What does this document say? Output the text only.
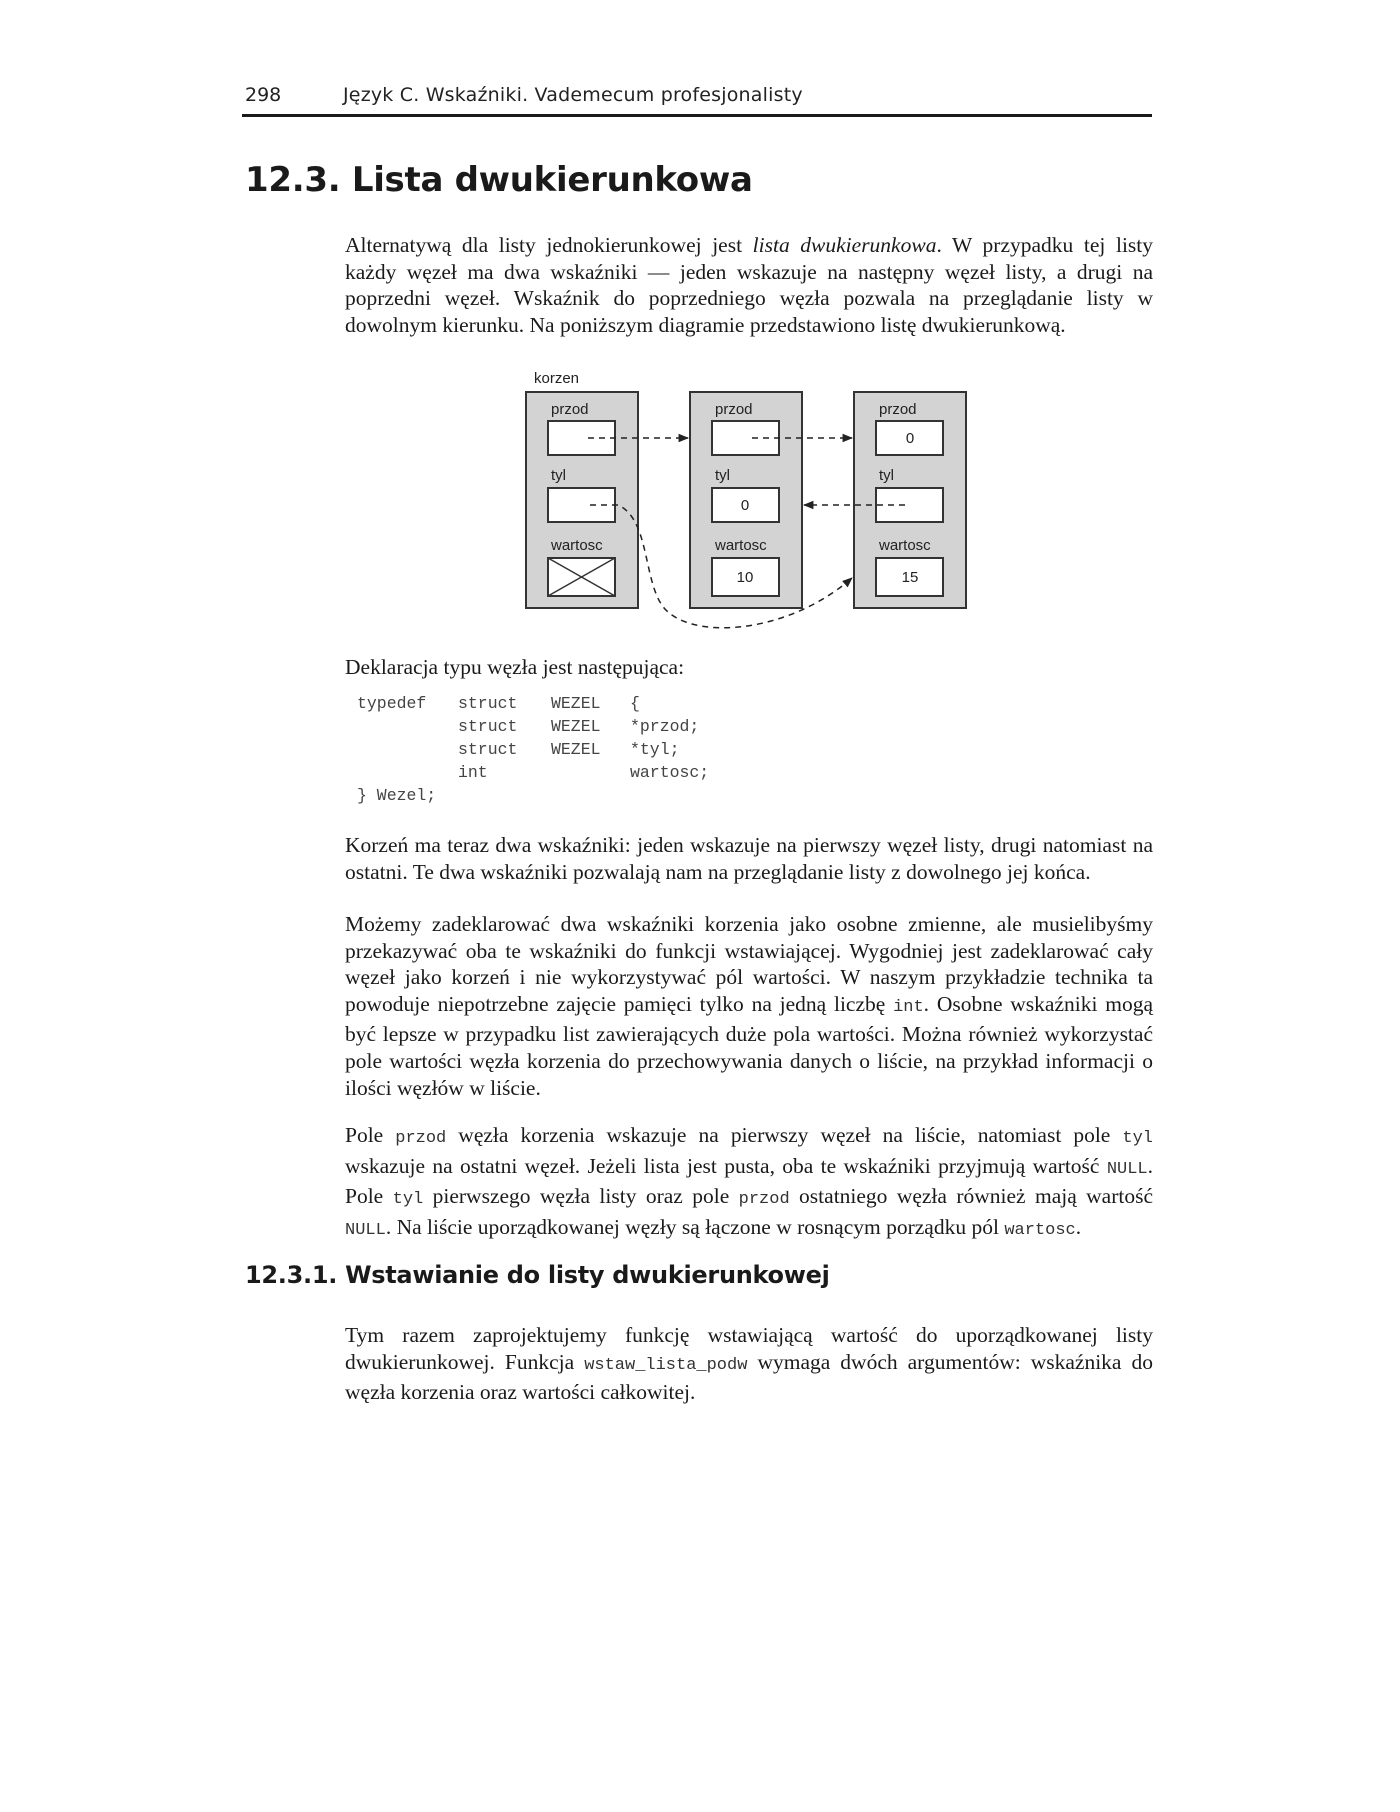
298	Język C. Wskaźniki. Vademecum profesjonalisty
12.3. Lista dwukierunkowa

Alternatywą dla listy jednokierunkowej jest lista dwukierunkowa. W przypadku tej listy każdy węzeł ma dwa wskaźniki — jeden wskazuje na następny węzeł listy, a drugi na poprzedni węzeł. Wskaźnik do poprzedniego węzła pozwala na przeglądanie listy w dowolnym kierunku. Na poniższym diagramie przedstawiono listę dwukierunkową.

korzen
przod
tyl
wartosc
przod
tyl
0
wartosc
10
przod
0
tyl
wartosc
15

Deklaracja typu węzła jest następująca:

typedef struct WEZEL {
struct WEZEL *przod;
struct WEZEL *tyl;
int	wartosc;
} Wezel;

Korzeń ma teraz dwa wskaźniki: jeden wskazuje na pierwszy węzeł listy, drugi natomiast na ostatni. Te dwa wskaźniki pozwalają nam na przeglądanie listy z dowolnego jej końca.

Możemy zadeklarować dwa wskaźniki korzenia jako osobne zmienne, ale musielibyśmy przekazywać oba te wskaźniki do funkcji wstawiającej. Wygodniej jest zadeklarować cały węzeł jako korzeń i nie wykorzystywać pól wartości. W naszym przykładzie technika ta powoduje niepotrzebne zajęcie pamięci tylko na jedną liczbę int. Osobne wskaźniki mogą być lepsze w przypadku list zawierających duże pola wartości. Można również wykorzystać pole wartości węzła korzenia do przechowywania danych o liście, na przykład informacji o ilości węzłów w liście.

Pole przod węzła korzenia wskazuje na pierwszy węzeł na liście, natomiast pole tyl wskazuje na ostatni węzeł. Jeżeli lista jest pusta, oba te wskaźniki przyjmują wartość NULL. Pole tyl pierwszego węzła listy oraz pole przod ostatniego węzła również mają wartość NULL. Na liście uporządkowanej węzły są łączone w rosnącym porządku pól wartosc.

12.3.1. Wstawianie do listy dwukierunkowej

Tym razem zaprojektujemy funkcję wstawiającą wartość do uporządkowanej listy dwukierunkowej. Funkcja wstaw_lista_podw wymaga dwóch argumentów: wskaźnika do węzła korzenia oraz wartości całkowitej.
